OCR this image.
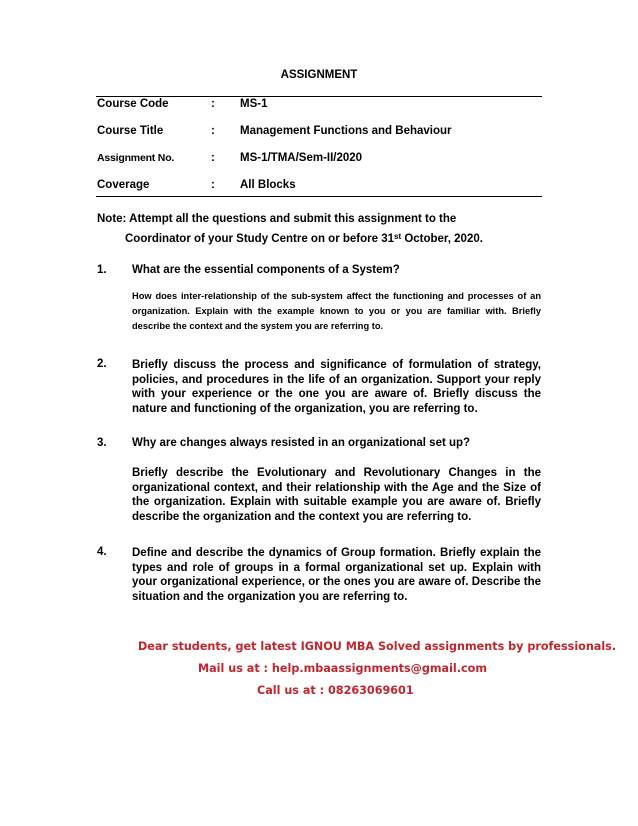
ASSIGNMENT
Course Code	: MS-1
Course Title	: Management Functions and Behaviour
Assignment No.	: MS-1/TMA/Sem-II/2020
Coverage	: All Blocks
Note: Attempt all the questions and submit this assignment to the
Coordinator of your Study Centre on or before 31st October, 2020.
1. What are the essential components of a System?
How does inter-relationship of the sub-system affect the functioning and processes of an organization. Explain with the example known to you or you are familiar with. Briefly describe the context and the system you are referring to.
2. Briefly discuss the process and significance of formulation of strategy, policies, and procedures in the life of an organization. Support your reply with your experience or the one you are aware of. Briefly discuss the nature and functioning of the organization, you are referring to.
3. Why are changes always resisted in an organizational set up?
Briefly describe the Evolutionary and Revolutionary Changes in the organizational context, and their relationship with the Age and the Size of the organization. Explain with suitable example you are aware of. Briefly describe the organization and the context you are referring to.
4. Define and describe the dynamics of Group formation. Briefly explain the types and role of groups in a formal organizational set up. Explain with your organizational experience, or the ones you are aware of. Describe the situation and the organization you are referring to.
Dear students, get latest IGNOU MBA Solved assignments by professionals.
Mail us at : help.mbaassignments@gmail.com
Call us at : 08263069601
